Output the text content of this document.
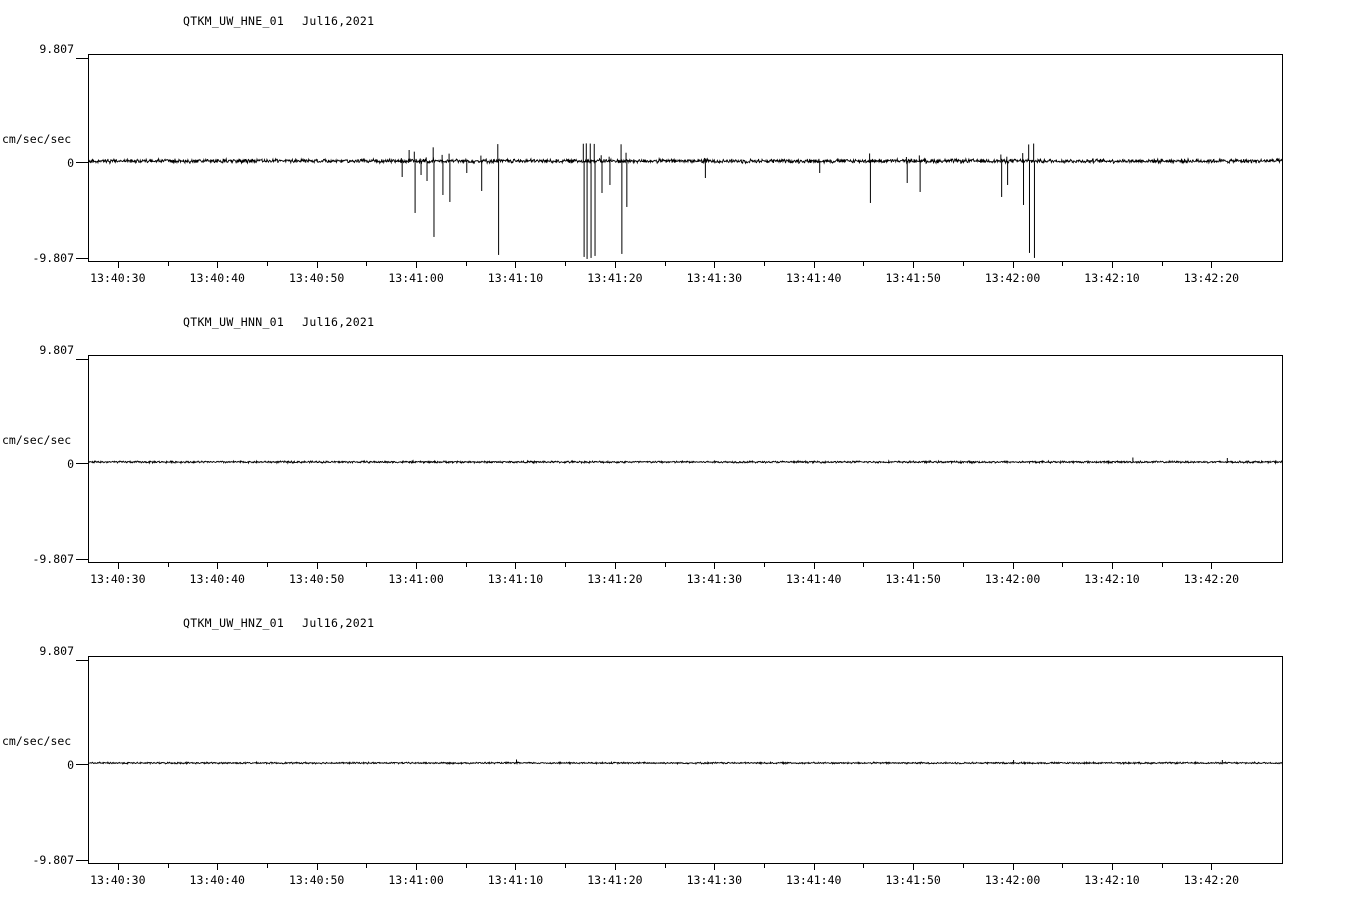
QTKM_UW_HNE_01 Jul16,2021
cm/sec/sec
9.807
0
-9.807
13:40:30	13:40:40	13:40:50	13:41:00	13:41:10	13:41:20	13:41:30	13:41:40	13:41:50	13:42:00	13:42:10	13:42:20
QTKM_UW_HNN_01 Jul16,2021
cm/sec/sec
9.807
0
-9.807
13:40:30	13:40:40	13:40:50	13:41:00	13:41:10	13:41:20	13:41:30	13:41:40	13:41:50	13:42:00	13:42:10	13:42:20
QTKM_UW_HNZ_01 Jul16,2021
cm/sec/sec
9.807
0
-9.807
13:40:30	13:40:40	13:40:50	13:41:00	13:41:10	13:41:20	13:41:30	13:41:40	13:41:50	13:42:00	13:42:10	13:42:20
